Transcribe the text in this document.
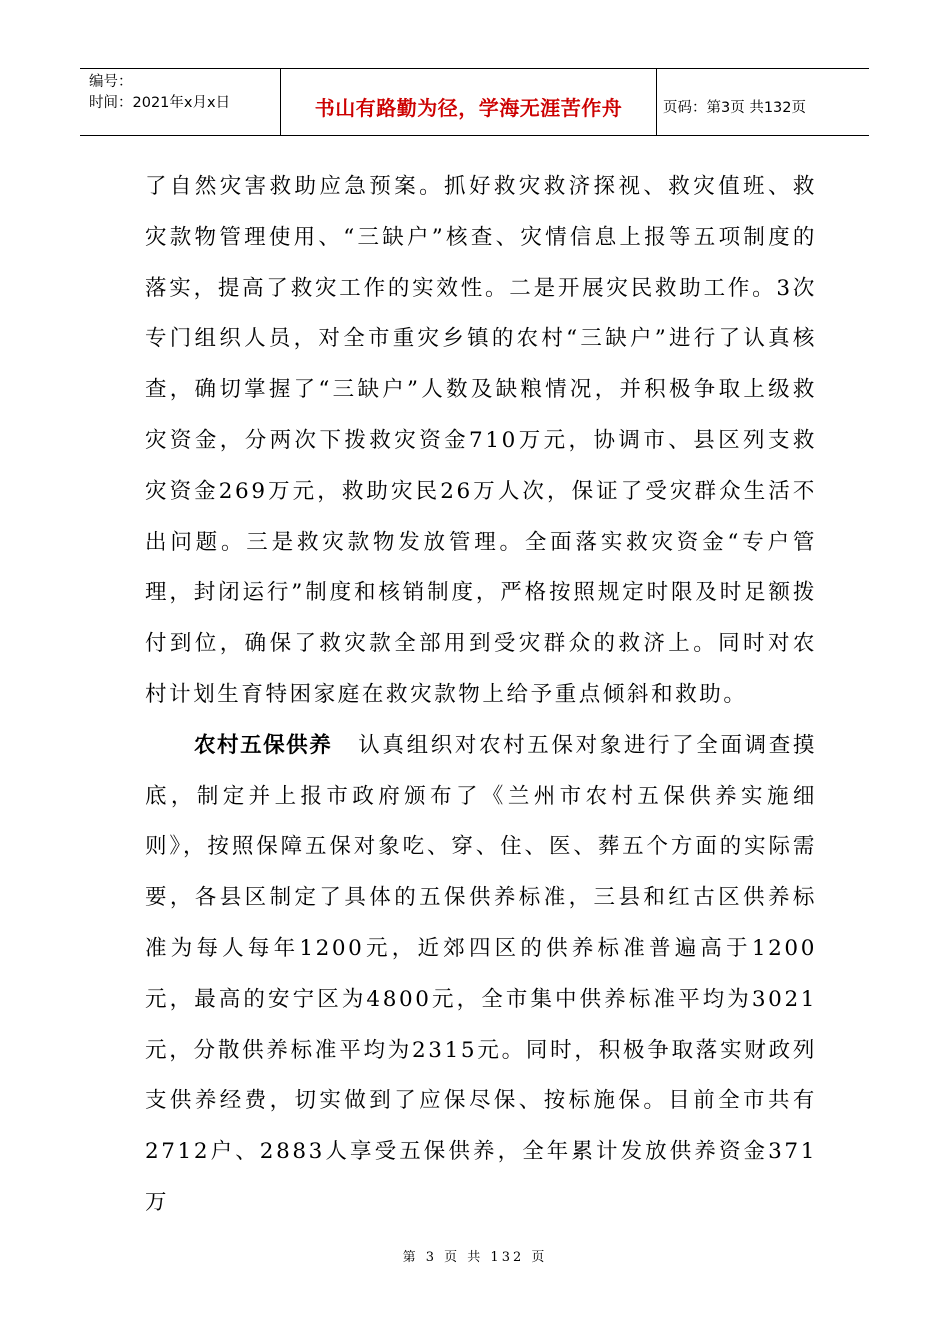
编号：
时间：2021年x月x日	书山有路勤为径，学海无涯苦作舟	页码：第3页 共132页

了自然灾害救助应急预案。抓好救灾救济探视、救灾值班、救灾款物管理使用、“三缺户”核查、灾情信息上报等五项制度的落实，提高了救灾工作的实效性。二是开展灾民救助工作。3次专门组织人员，对全市重灾乡镇的农村“三缺户”进行了认真核查，确切掌握了“三缺户”人数及缺粮情况，并积极争取上级救灾资金，分两次下拨救灾资金710万元，协调市、县区列支救灾资金269万元，救助灾民26万人次，保证了受灾群众生活不出问题。三是救灾款物发放管理。全面落实救灾资金“专户管理，封闭运行”制度和核销制度，严格按照规定时限及时足额拨付到位，确保了救灾款全部用到受灾群众的救济上。同时对农村计划生育特困家庭在救灾款物上给予重点倾斜和救助。

农村五保供养 认真组织对农村五保对象进行了全面调查摸底，制定并上报市政府颁布了《兰州市农村五保供养实施细则》，按照保障五保对象吃、穿、住、医、葬五个方面的实际需要，各县区制定了具体的五保供养标准，三县和红古区供养标准为每人每年1200元，近郊四区的供养标准普遍高于1200元，最高的安宁区为4800元，全市集中供养标准平均为3021元，分散供养标准平均为2315元。同时，积极争取落实财政列支供养经费，切实做到了应保尽保、按标施保。目前全市共有2712户、2883人享受五保供养，全年累计发放供养资金371万

第 3 页 共 132 页
